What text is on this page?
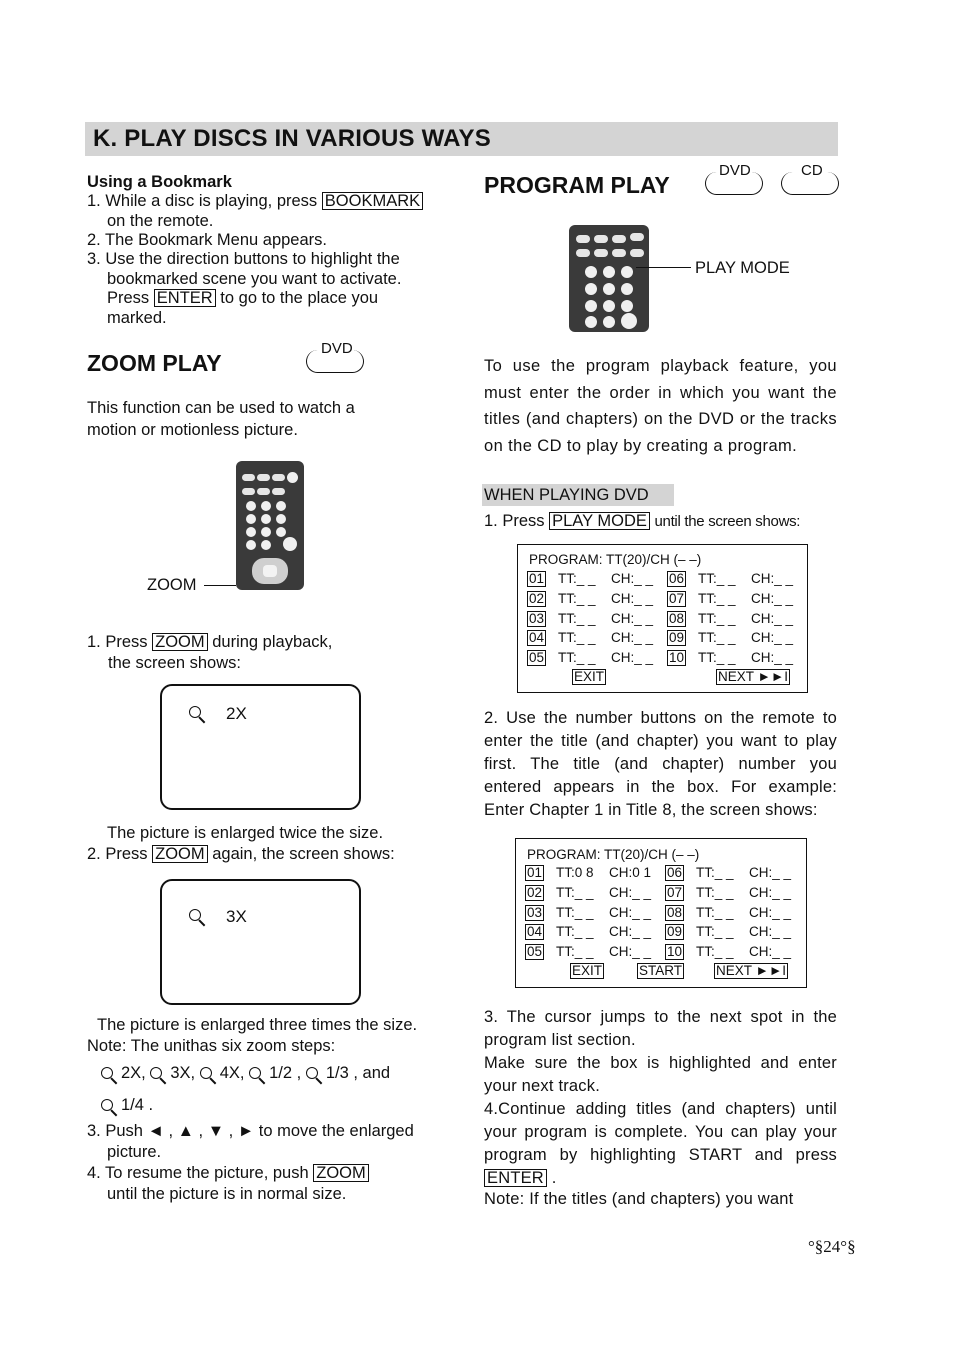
K. PLAY DISCS IN VARIOUS WAYS
Using a Bookmark
1. While a disc is playing, press BOOKMARK
on the remote.
2. The Bookmark Menu appears.
3. Use the direction buttons to highlight the
bookmarked scene you want to activate.
Press ENTER to go to the place you
marked.
ZOOM PLAY
DVD
This function can be used to watch a
motion or motionless picture.
ZOOM
1. Press ZOOM during playback,
the screen shows:
2X
The picture is enlarged twice the size.
2. Press ZOOM again, the screen shows:
3X
The picture is enlarged three times the size.
Note: The unithas six zoom steps:
2X, 3X, 4X, 1/2 , 1/3 , and
1/4 .
3. Push ◄ , ▲ , ▼ , ► to move the enlarged
picture.
4. To resume the picture, push ZOOM
until the picture is in normal size.
PROGRAM PLAY
DVD	CD
PLAY MODE
To use the program playback feature, you must enter the order in which you want the titles (and chapters) on the DVD or the tracks on the CD to play by creating a program.
WHEN PLAYING DVD
1. Press PLAY MODE until the screen shows:
PROGRAM: TT(20)/CH (– –)
01 TT:_ _ CH:_ _ 06 TT:_ _ CH:_ _
02 TT:_ _ CH:_ _ 07 TT:_ _ CH:_ _
03 TT:_ _ CH:_ _ 08 TT:_ _ CH:_ _
04 TT:_ _ CH:_ _ 09 TT:_ _ CH:_ _
05 TT:_ _ CH:_ _ 10 TT:_ _ CH:_ _
EXIT	NEXT ►►I
2. Use the number buttons on the remote to enter the title (and chapter) you want to play first. The title (and chapter) number you entered appears in the box. For example: Enter Chapter 1 in Title 8, the screen shows:
PROGRAM: TT(20)/CH (– –)
01 TT:0 8 CH:0 1 06 TT:_ _ CH:_ _
02 TT:_ _ CH:_ _ 07 TT:_ _ CH:_ _
03 TT:_ _ CH:_ _ 08 TT:_ _ CH:_ _
04 TT:_ _ CH:_ _ 09 TT:_ _ CH:_ _
05 TT:_ _ CH:_ _ 10 TT:_ _ CH:_ _
EXIT	START	NEXT ►►I
3. The cursor jumps to the next spot in the program list section.
Make sure the box is highlighted and enter your next track.
4.Continue adding titles (and chapters) until your program is complete. You can play your program by highlighting START and press ENTER .
Note: If the titles (and chapters) you want
°§24°§
